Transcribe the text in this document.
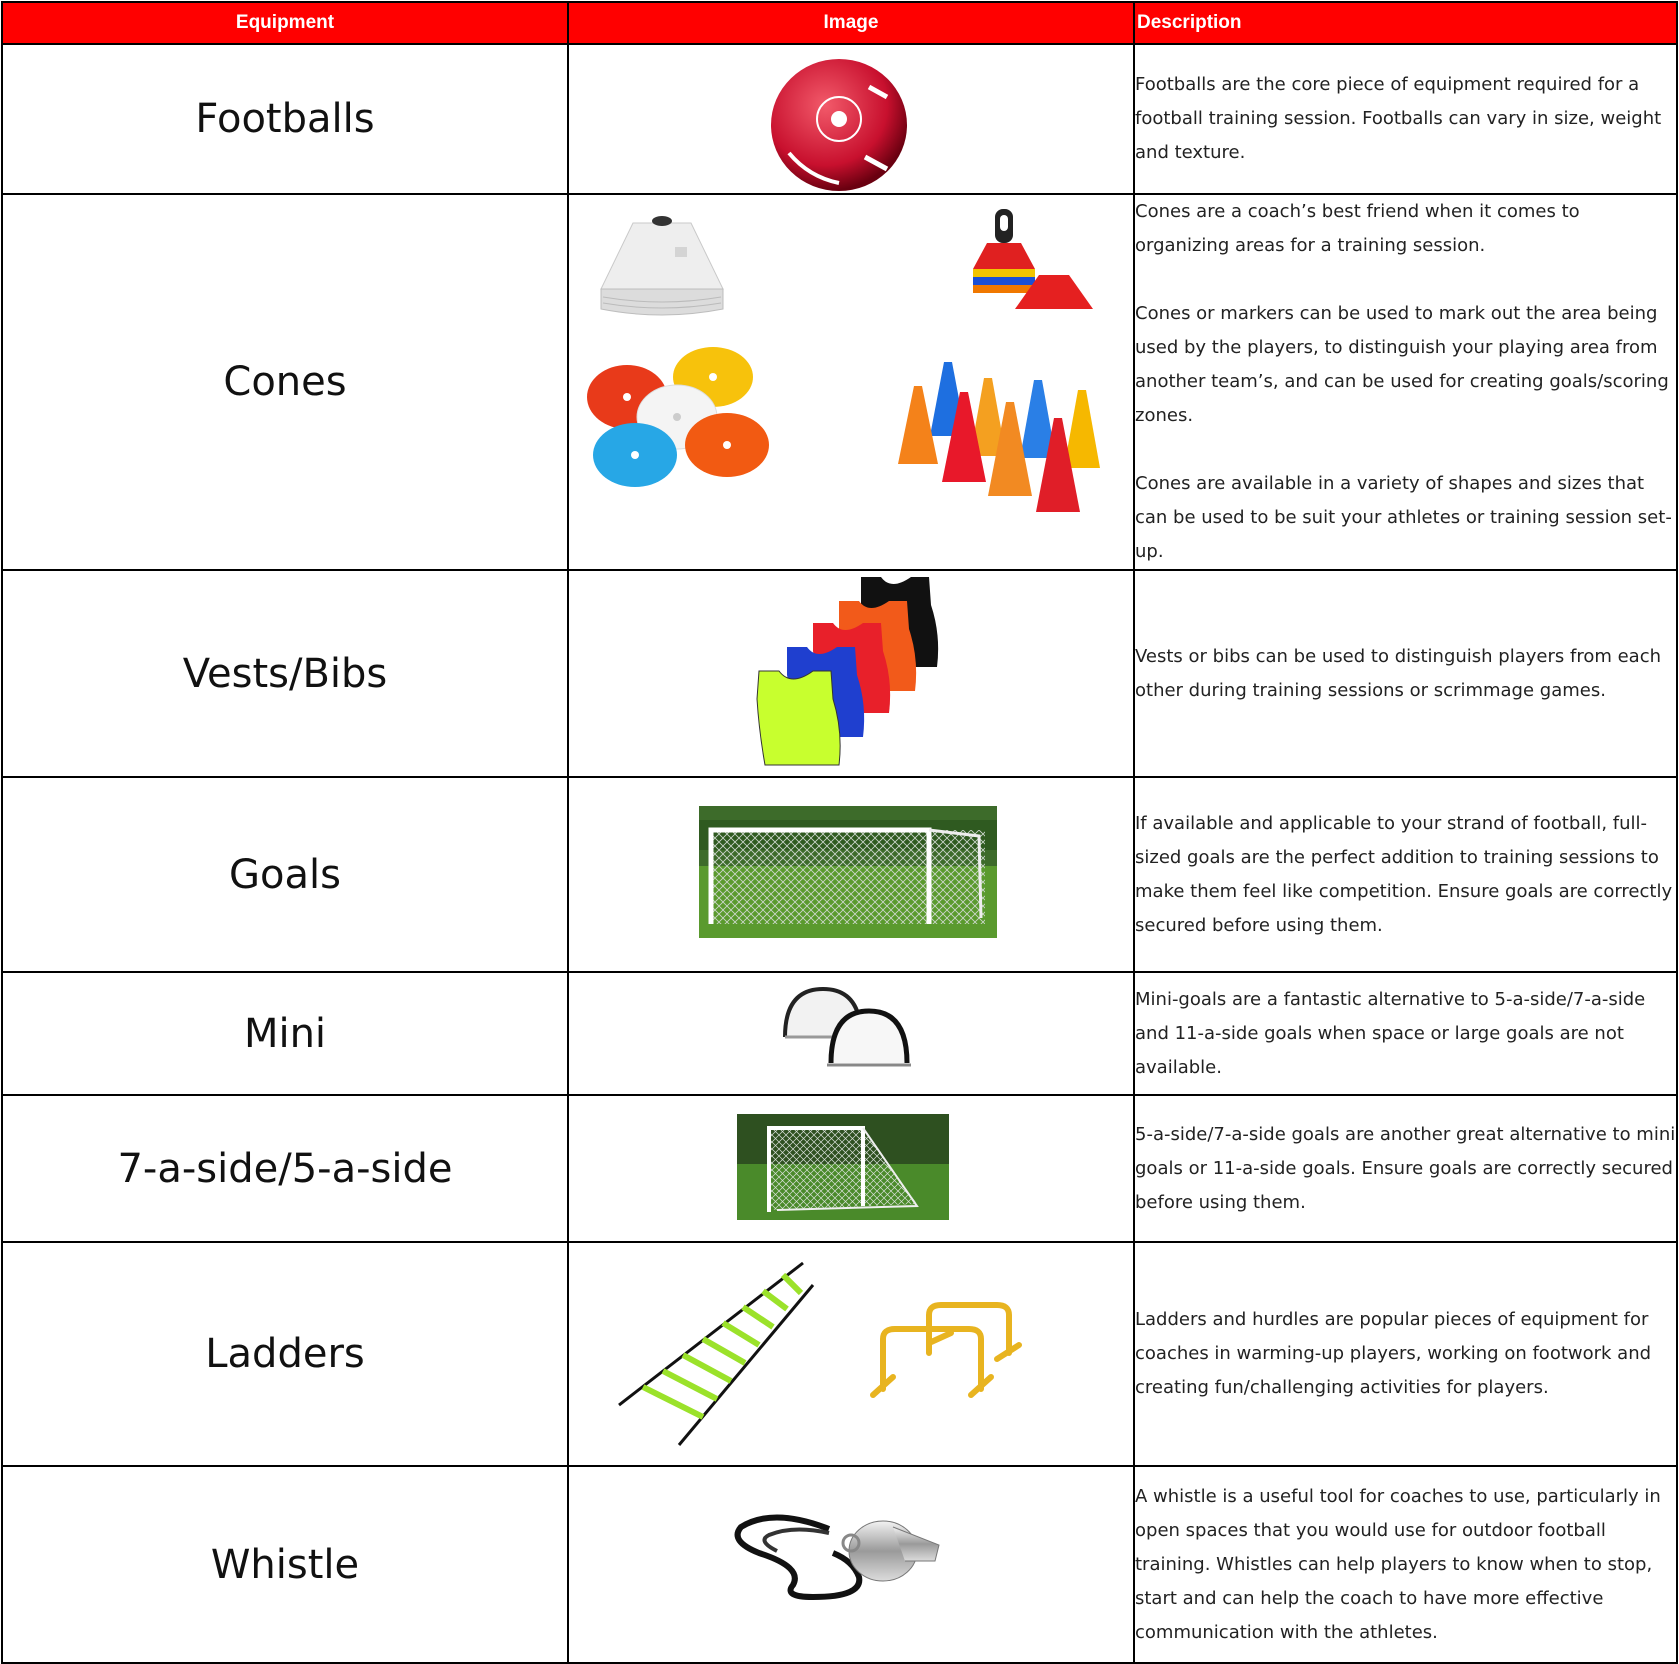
Equipment	Image	Description
Footballs		Footballs are the core piece of equipment required for a football training session. Footballs can vary in size, weight and texture.

Cones		Cones are a coach’s best friend when it comes to organizing areas for a training session.

Cones or markers can be used to mark out the area being used by the players, to distinguish your playing area from another team’s, and can be used for creating goals/scoring zones.

Cones are available in a variety of shapes and sizes that can be used to be suit your athletes or training session set-up.

Vests/Bibs		Vests or bibs can be used to distinguish players from each other during training sessions or scrimmage games.

Goals		If available and applicable to your strand of football, full-sized goals are the perfect addition to training sessions to make them feel like competition. Ensure goals are correctly secured before using them.

Mini		Mini-goals are a fantastic alternative to 5-a-side/7-a-side and 11-a-side goals when space or large goals are not available.

7-a-side/5-a-side		5-a-side/7-a-side goals are another great alternative to mini goals or 11-a-side goals. Ensure goals are correctly secured before using them.

Ladders		Ladders and hurdles are popular pieces of equipment for coaches in warming-up players, working on footwork and creating fun/challenging activities for players.

Whistle		A whistle is a useful tool for coaches to use, particularly in open spaces that you would use for outdoor football training. Whistles can help players to know when to stop, start and can help the coach to have more effective communication with the athletes.
